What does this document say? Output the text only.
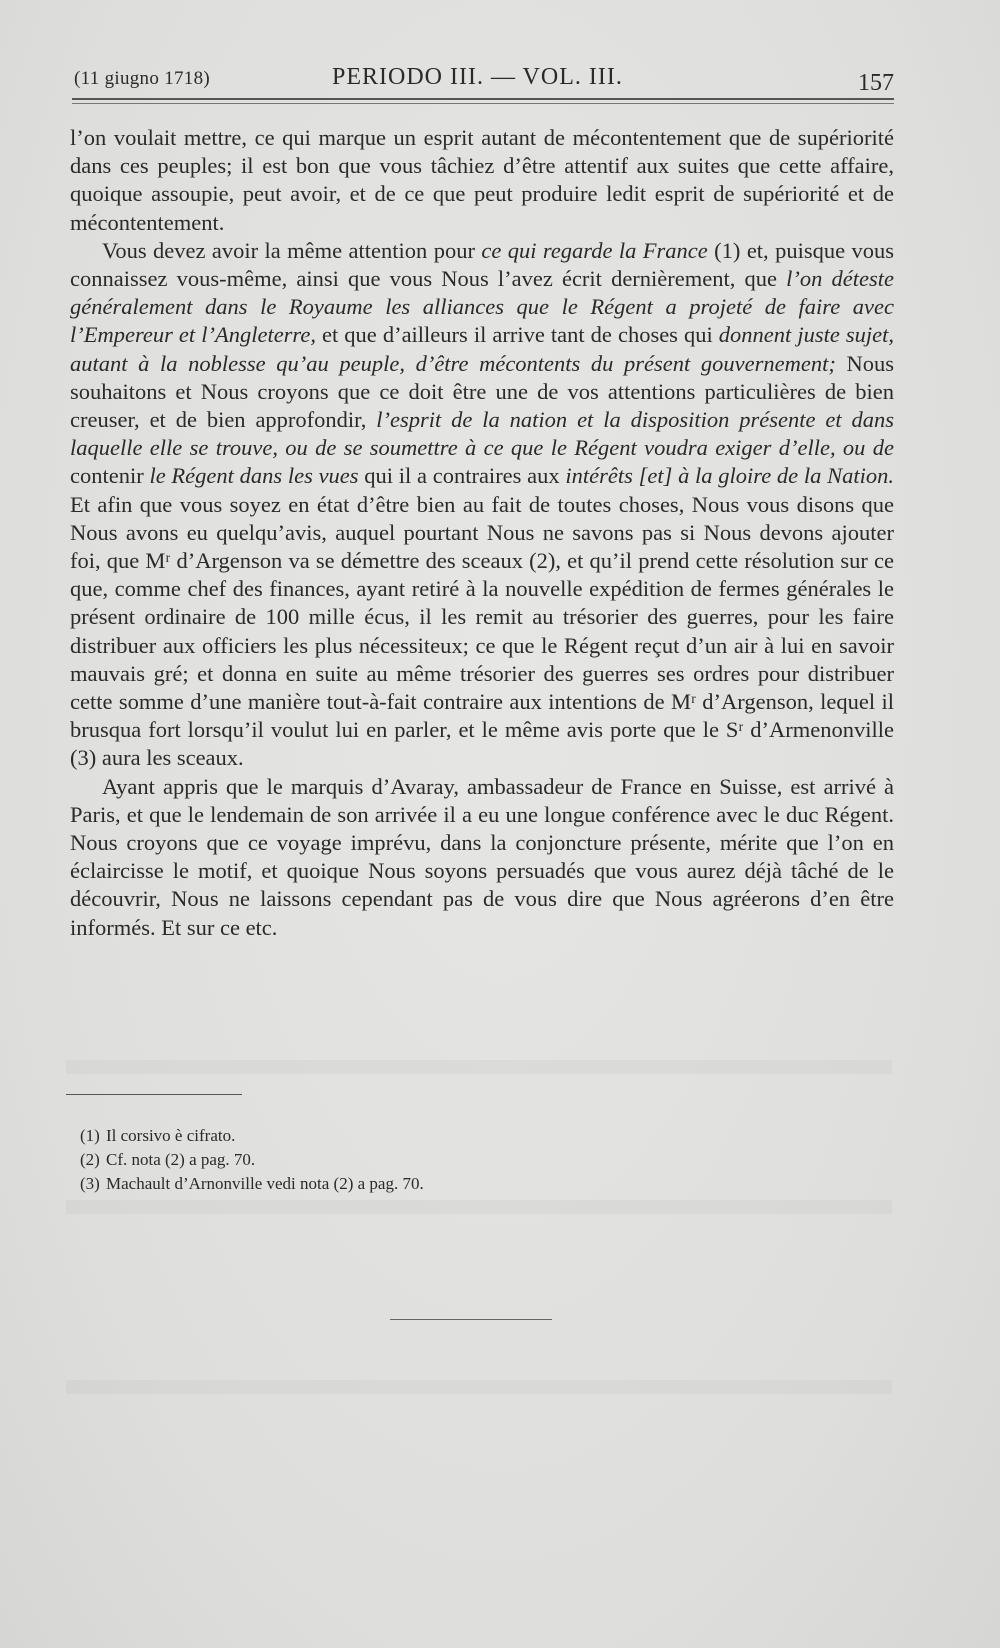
(11 giugno 1718)	PERIODO III. — VOL. III.	157

l’on voulait mettre, ce qui marque un esprit autant de mécontentement que de supériorité dans ces peuples; il est bon que vous tâchiez d’être attentif aux suites que cette affaire, quoique assoupie, peut avoir, et de ce que peut produire ledit esprit de supériorité et de mécontentement.

Vous devez avoir la même attention pour ce qui regarde la France (1) et, puisque vous connaissez vous-même, ainsi que vous Nous l’avez écrit dernièrement, que l’on déteste généralement dans le Royaume les alliances que le Régent a projeté de faire avec l’Empereur et l’Angleterre, et que d’ailleurs il arrive tant de choses qui donnent juste sujet, autant à la noblesse qu’au peuple, d’être mécontents du présent gouvernement; Nous souhaitons et Nous croyons que ce doit être une de vos attentions particulières de bien creuser, et de bien approfondir, l’esprit de la nation et la disposition présente et dans laquelle elle se trouve, ou de se soumettre à ce que le Régent voudra exiger d’elle, ou de contenir le Régent dans les vues qui il a contraires aux intérêts [et] à la gloire de la Nation. Et afin que vous soyez en état d’être bien au fait de toutes choses, Nous vous disons que Nous avons eu quelqu’avis, auquel pourtant Nous ne savons pas si Nous devons ajouter foi, que Mʳ d’Argenson va se démettre des sceaux (2), et qu’il prend cette résolution sur ce que, comme chef des finances, ayant retiré à la nouvelle expédition de fermes générales le présent ordinaire de 100 mille écus, il les remit au trésorier des guerres, pour les faire distribuer aux officiers les plus nécessiteux; ce que le Régent reçut d’un air à lui en savoir mauvais gré; et donna en suite au même trésorier des guerres ses ordres pour distribuer cette somme d’une manière tout-à-fait contraire aux intentions de Mʳ d’Argenson, lequel il brusqua fort lorsqu’il voulut lui en parler, et le même avis porte que le Sʳ d’Armenonville (3) aura les sceaux.

Ayant appris que le marquis d’Avaray, ambassadeur de France en Suisse, est arrivé à Paris, et que le lendemain de son arrivée il a eu une longue conférence avec le duc Régent. Nous croyons que ce voyage imprévu, dans la conjoncture présente, mérite que l’on en éclaircisse le motif, et quoique Nous soyons persuadés que vous aurez déjà tâché de le découvrir, Nous ne laissons cependant pas de vous dire que Nous agréerons d’en être informés. Et sur ce etc.

(1) Il corsivo è cifrato.
(2) Cf. nota (2) a pag. 70.
(3) Machault d’Arnonville vedi nota (2) a pag. 70.
